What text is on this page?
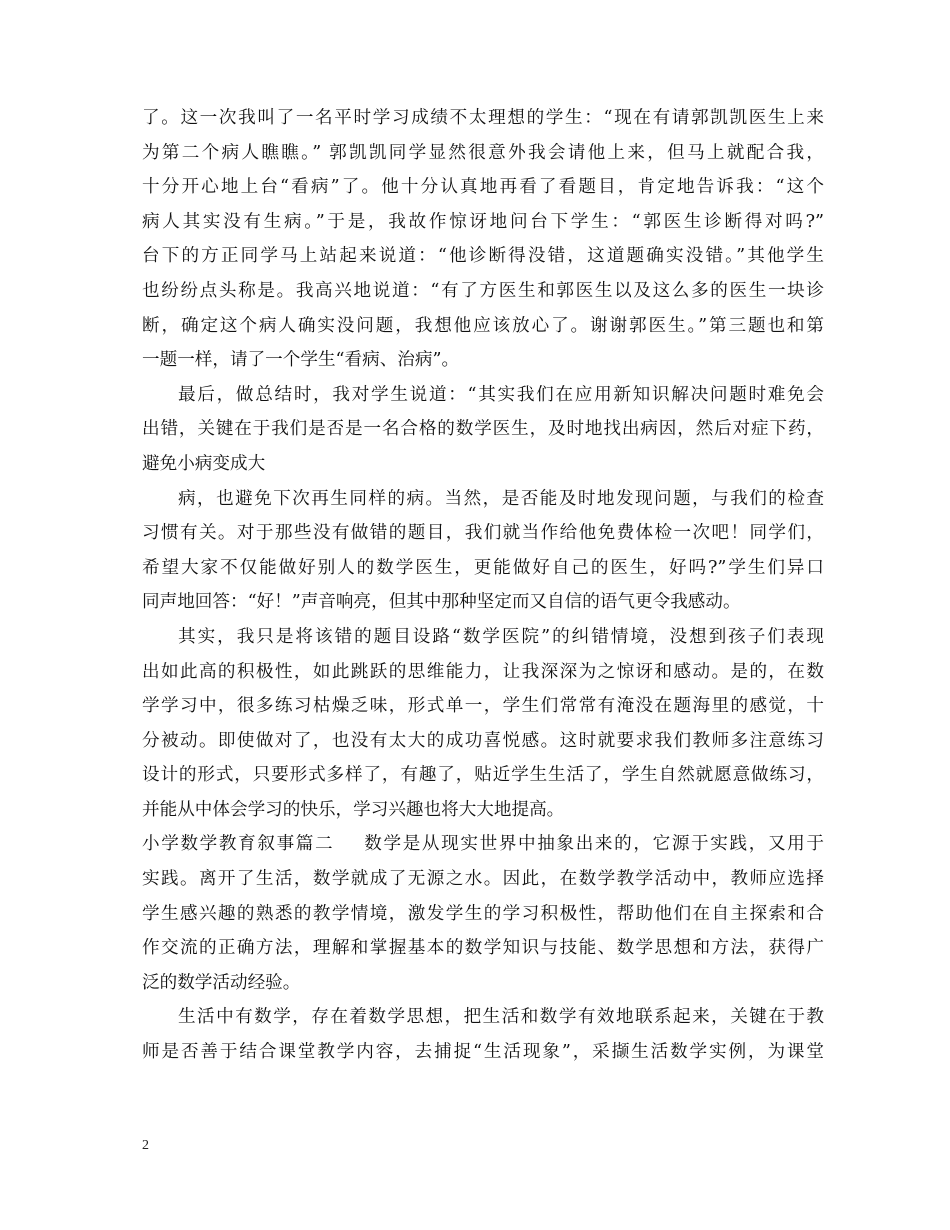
了。这一次我叫了一名平时学习成绩不太理想的学生：“现在有请郭凯凯医生上来
为第二个病人瞧瞧。” 郭凯凯同学显然很意外我会请他上来，但马上就配合我，
十分开心地上台“看病”了。他十分认真地再看了看题目，肯定地告诉我：“这个
病人其实没有生病。”于是，我故作惊讶地问台下学生：“郭医生诊断得对吗?”
台下的方正同学马上站起来说道：“他诊断得没错，这道题确实没错。”其他学生
也纷纷点头称是。我高兴地说道：“有了方医生和郭医生以及这么多的医生一块诊
断，确定这个病人确实没问题，我想他应该放心了。谢谢郭医生。”第三题也和第
一题一样，请了一个学生“看病、治病”。
最后，做总结时，我对学生说道：“其实我们在应用新知识解决问题时难免会
出错，关键在于我们是否是一名合格的数学医生，及时地找出病因，然后对症下药，
避免小病变成大
病，也避免下次再生同样的病。当然，是否能及时地发现问题，与我们的检查
习惯有关。对于那些没有做错的题目，我们就当作给他免费体检一次吧！同学们，
希望大家不仅能做好别人的数学医生，更能做好自己的医生，好吗?”学生们异口
同声地回答：“好！”声音响亮，但其中那种坚定而又自信的语气更令我感动。
其实，我只是将该错的题目设路“数学医院”的纠错情境，没想到孩子们表现
出如此高的积极性，如此跳跃的思维能力，让我深深为之惊讶和感动。是的，在数
学学习中，很多练习枯燥乏味，形式单一，学生们常常有淹没在题海里的感觉，十
分被动。即使做对了，也没有太大的成功喜悦感。这时就要求我们教师多注意练习
设计的形式，只要形式多样了，有趣了，贴近学生生活了，学生自然就愿意做练习，
并能从中体会学习的快乐，学习兴趣也将大大地提高。
小学数学教育叙事篇二 数学是从现实世界中抽象出来的，它源于实践，又用于
实践。离开了生活，数学就成了无源之水。因此，在数学教学活动中，教师应选择
学生感兴趣的熟悉的教学情境，激发学生的学习积极性，帮助他们在自主探索和合
作交流的正确方法，理解和掌握基本的数学知识与技能、数学思想和方法，获得广
泛的数学活动经验。
生活中有数学，存在着数学思想，把生活和数学有效地联系起来，关键在于教
师是否善于结合课堂教学内容，去捕捉“生活现象”，采撷生活数学实例，为课堂
2
